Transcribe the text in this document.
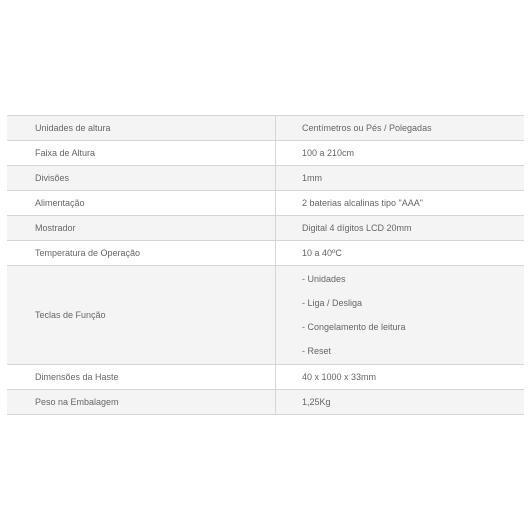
Unidades de altura	Centímetros ou Pés / Polegadas
Faixa de Altura	100 a 210cm
Divisões	1mm
Alimentação	2 baterias alcalinas tipo "AAA"
Mostrador	Digital 4 dígitos LCD 20mm
Temperatura de Operação	10 a 40ºC
Teclas de Função	- Unidades
- Liga / Desliga
- Congelamento de leitura
- Reset

Dimensões da Haste	40 x 1000 x 33mm
Peso na Embalagem	1,25Kg
